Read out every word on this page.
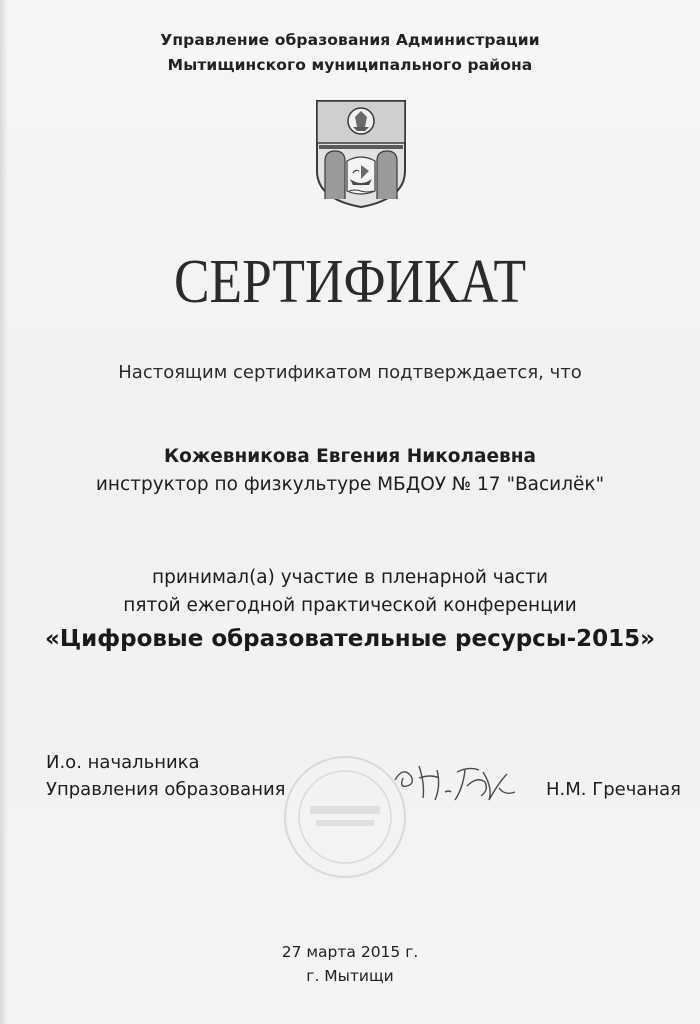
Управление образования Администрации
Мытищинского муниципального района
СЕРТИФИКАТ
Настоящим сертификатом подтверждается, что
Кожевникова Евгения Николаевна
инструктор по физкультуре МБДОУ № 17 "Василёк"
принимал(а) участие в пленарной части
пятой ежегодной практической конференции
«Цифровые образовательные ресурсы-2015»
И.о. начальника
Управления образования	Н.М. Гречаная
27 марта 2015 г.
г. Мытищи
